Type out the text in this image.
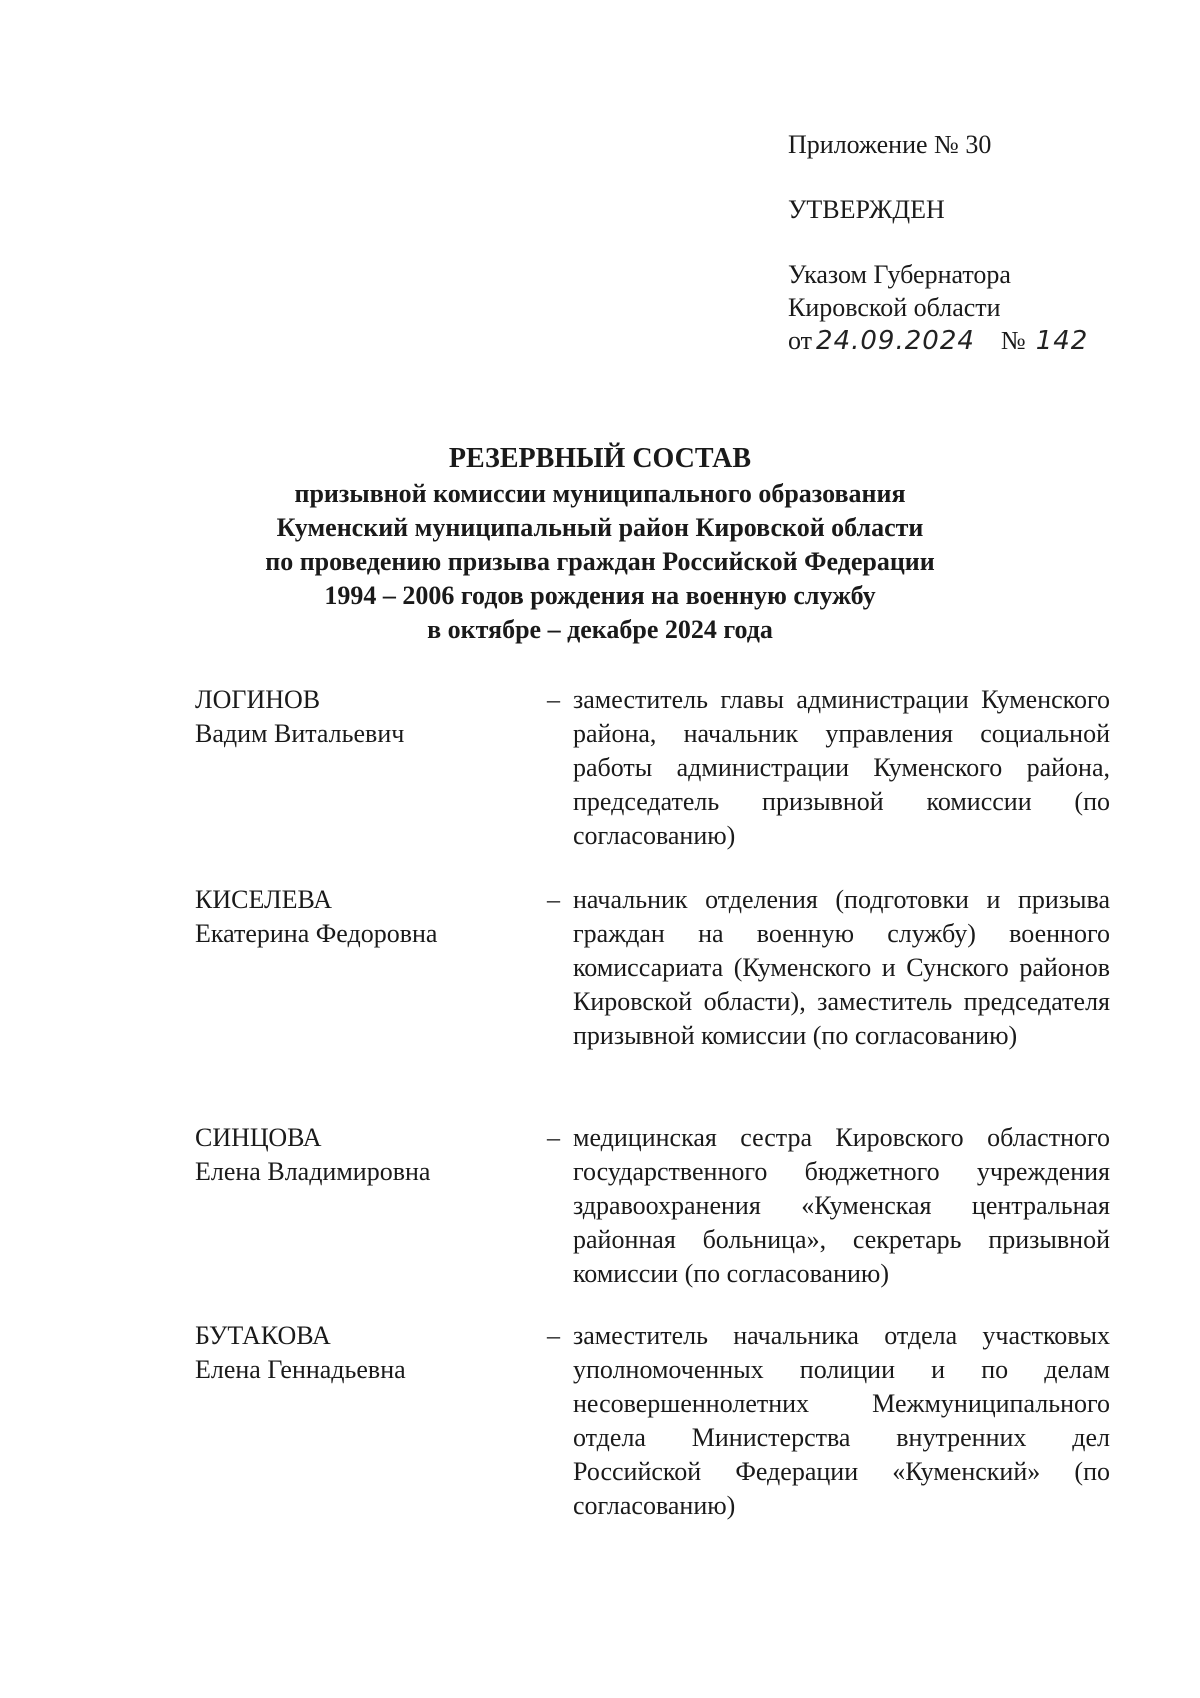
Приложение № 30
УТВЕРЖДЕН
Указом Губернатора
Кировской области
от 24.09.2024 № 142
РЕЗЕРВНЫЙ СОСТАВ
призывной комиссии муниципального образования
Куменский муниципальный район Кировской области
по проведению призыва граждан Российской Федерации
1994 – 2006 годов рождения на военную службу
в октябре – декабре 2024 года
ЛОГИНОВ
Вадим Витальевич
– заместитель главы администрации Куменского района, начальник управления социальной работы администрации Куменского района, председатель призывной комиссии (по согласованию)
КИСЕЛЕВА
Екатерина Федоровна
– начальник отделения (подготовки и призыва граждан на военную службу) военного комиссариата (Куменского и Сунского районов Кировской области), заместитель председателя призывной комиссии (по согласованию)
СИНЦОВА
Елена Владимировна
– медицинская сестра Кировского областного государственного бюджетного учреждения здравоохранения «Куменская центральная районная больница», секретарь призывной комиссии (по согласованию)
БУТАКОВА
Елена Геннадьевна
– заместитель начальника отдела участковых уполномоченных полиции и по делам несовершеннолетних Межмуниципального отдела Министерства внутренних дел Российской Федерации «Куменский» (по согласованию)
